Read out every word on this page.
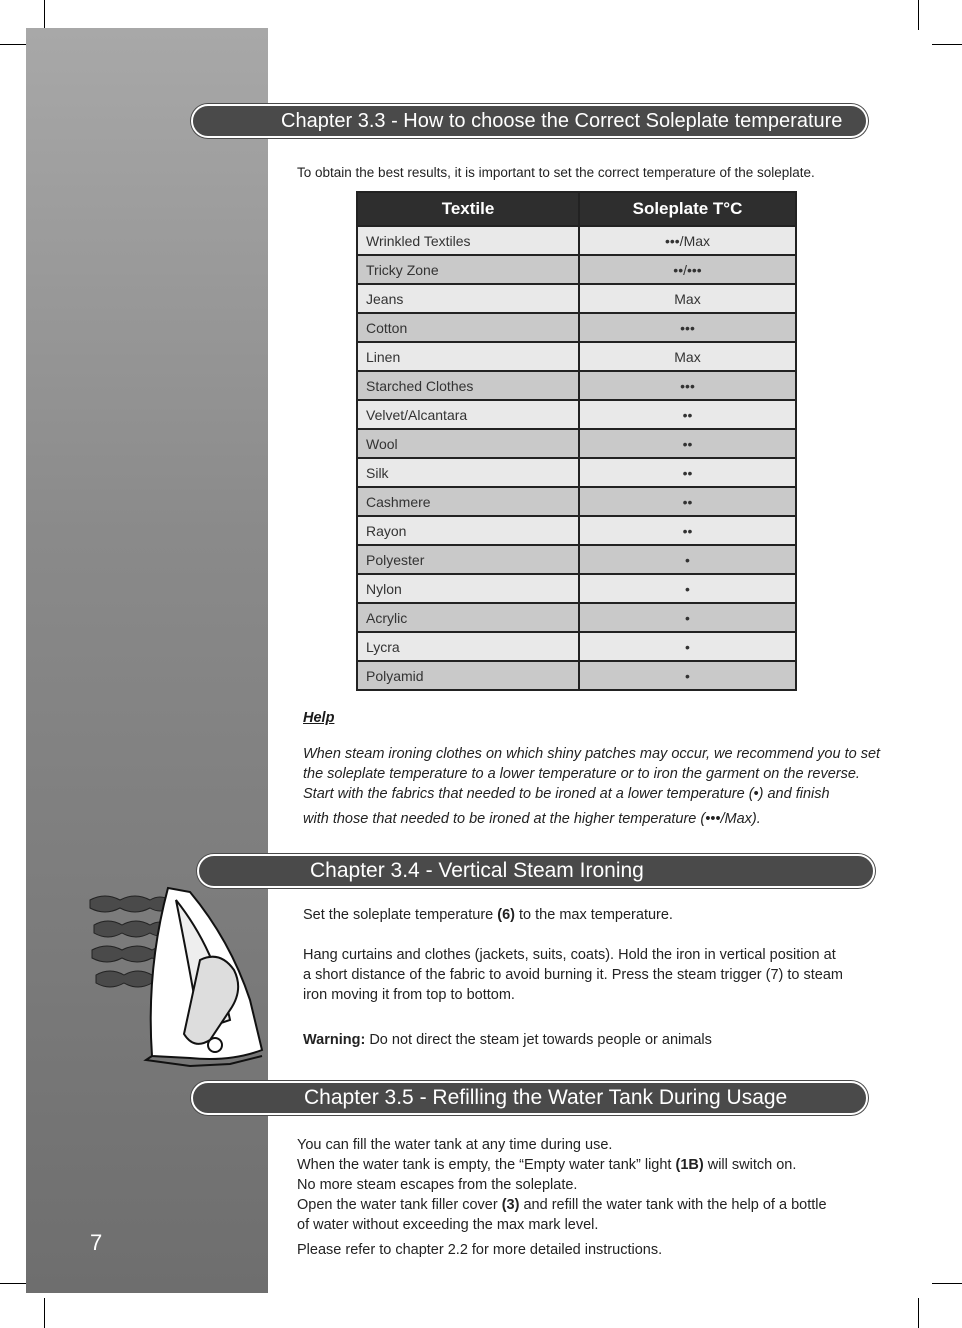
7
Chapter 3.3 - How to choose the Correct Soleplate temperature
To obtain the best results, it is important to set the correct temperature of the soleplate.
Textile	Soleplate T°C
Wrinkled Textiles	•••/Max
Tricky Zone	••/•••
Jeans	Max
Cotton	•••
Linen	Max
Starched Clothes	•••
Velvet/Alcantara	••
Wool	••
Silk	••
Cashmere	••
Rayon	••
Polyester	•
Nylon	•
Acrylic	•
Lycra	•
Polyamid	•
Help
When steam ironing clothes on which shiny patches may occur, we recommend you to set
the soleplate temperature to a lower temperature or to iron the garment on the reverse.
Start with the fabrics that needed to be ironed at a lower temperature (•) and finish
with those that needed to be ironed at the higher temperature (•••/Max).
Chapter 3.4 - Vertical Steam Ironing
Set the soleplate temperature (6) to the max temperature.
Hang curtains and clothes (jackets, suits, coats). Hold the iron in vertical position at
a short distance of the fabric to avoid burning it. Press the steam trigger (7) to steam
iron moving it from top to bottom.
Warning: Do not direct the steam jet towards people or animals
Chapter 3.5 - Refilling the Water Tank During Usage
You can fill the water tank at any time during use.
When the water tank is empty, the “Empty water tank” light (1B) will switch on.
No more steam escapes from the soleplate.
Open the water tank filler cover (3) and refill the water tank with the help of a bottle
of water without exceeding the max mark level.
Please refer to chapter 2.2 for more detailed instructions.
